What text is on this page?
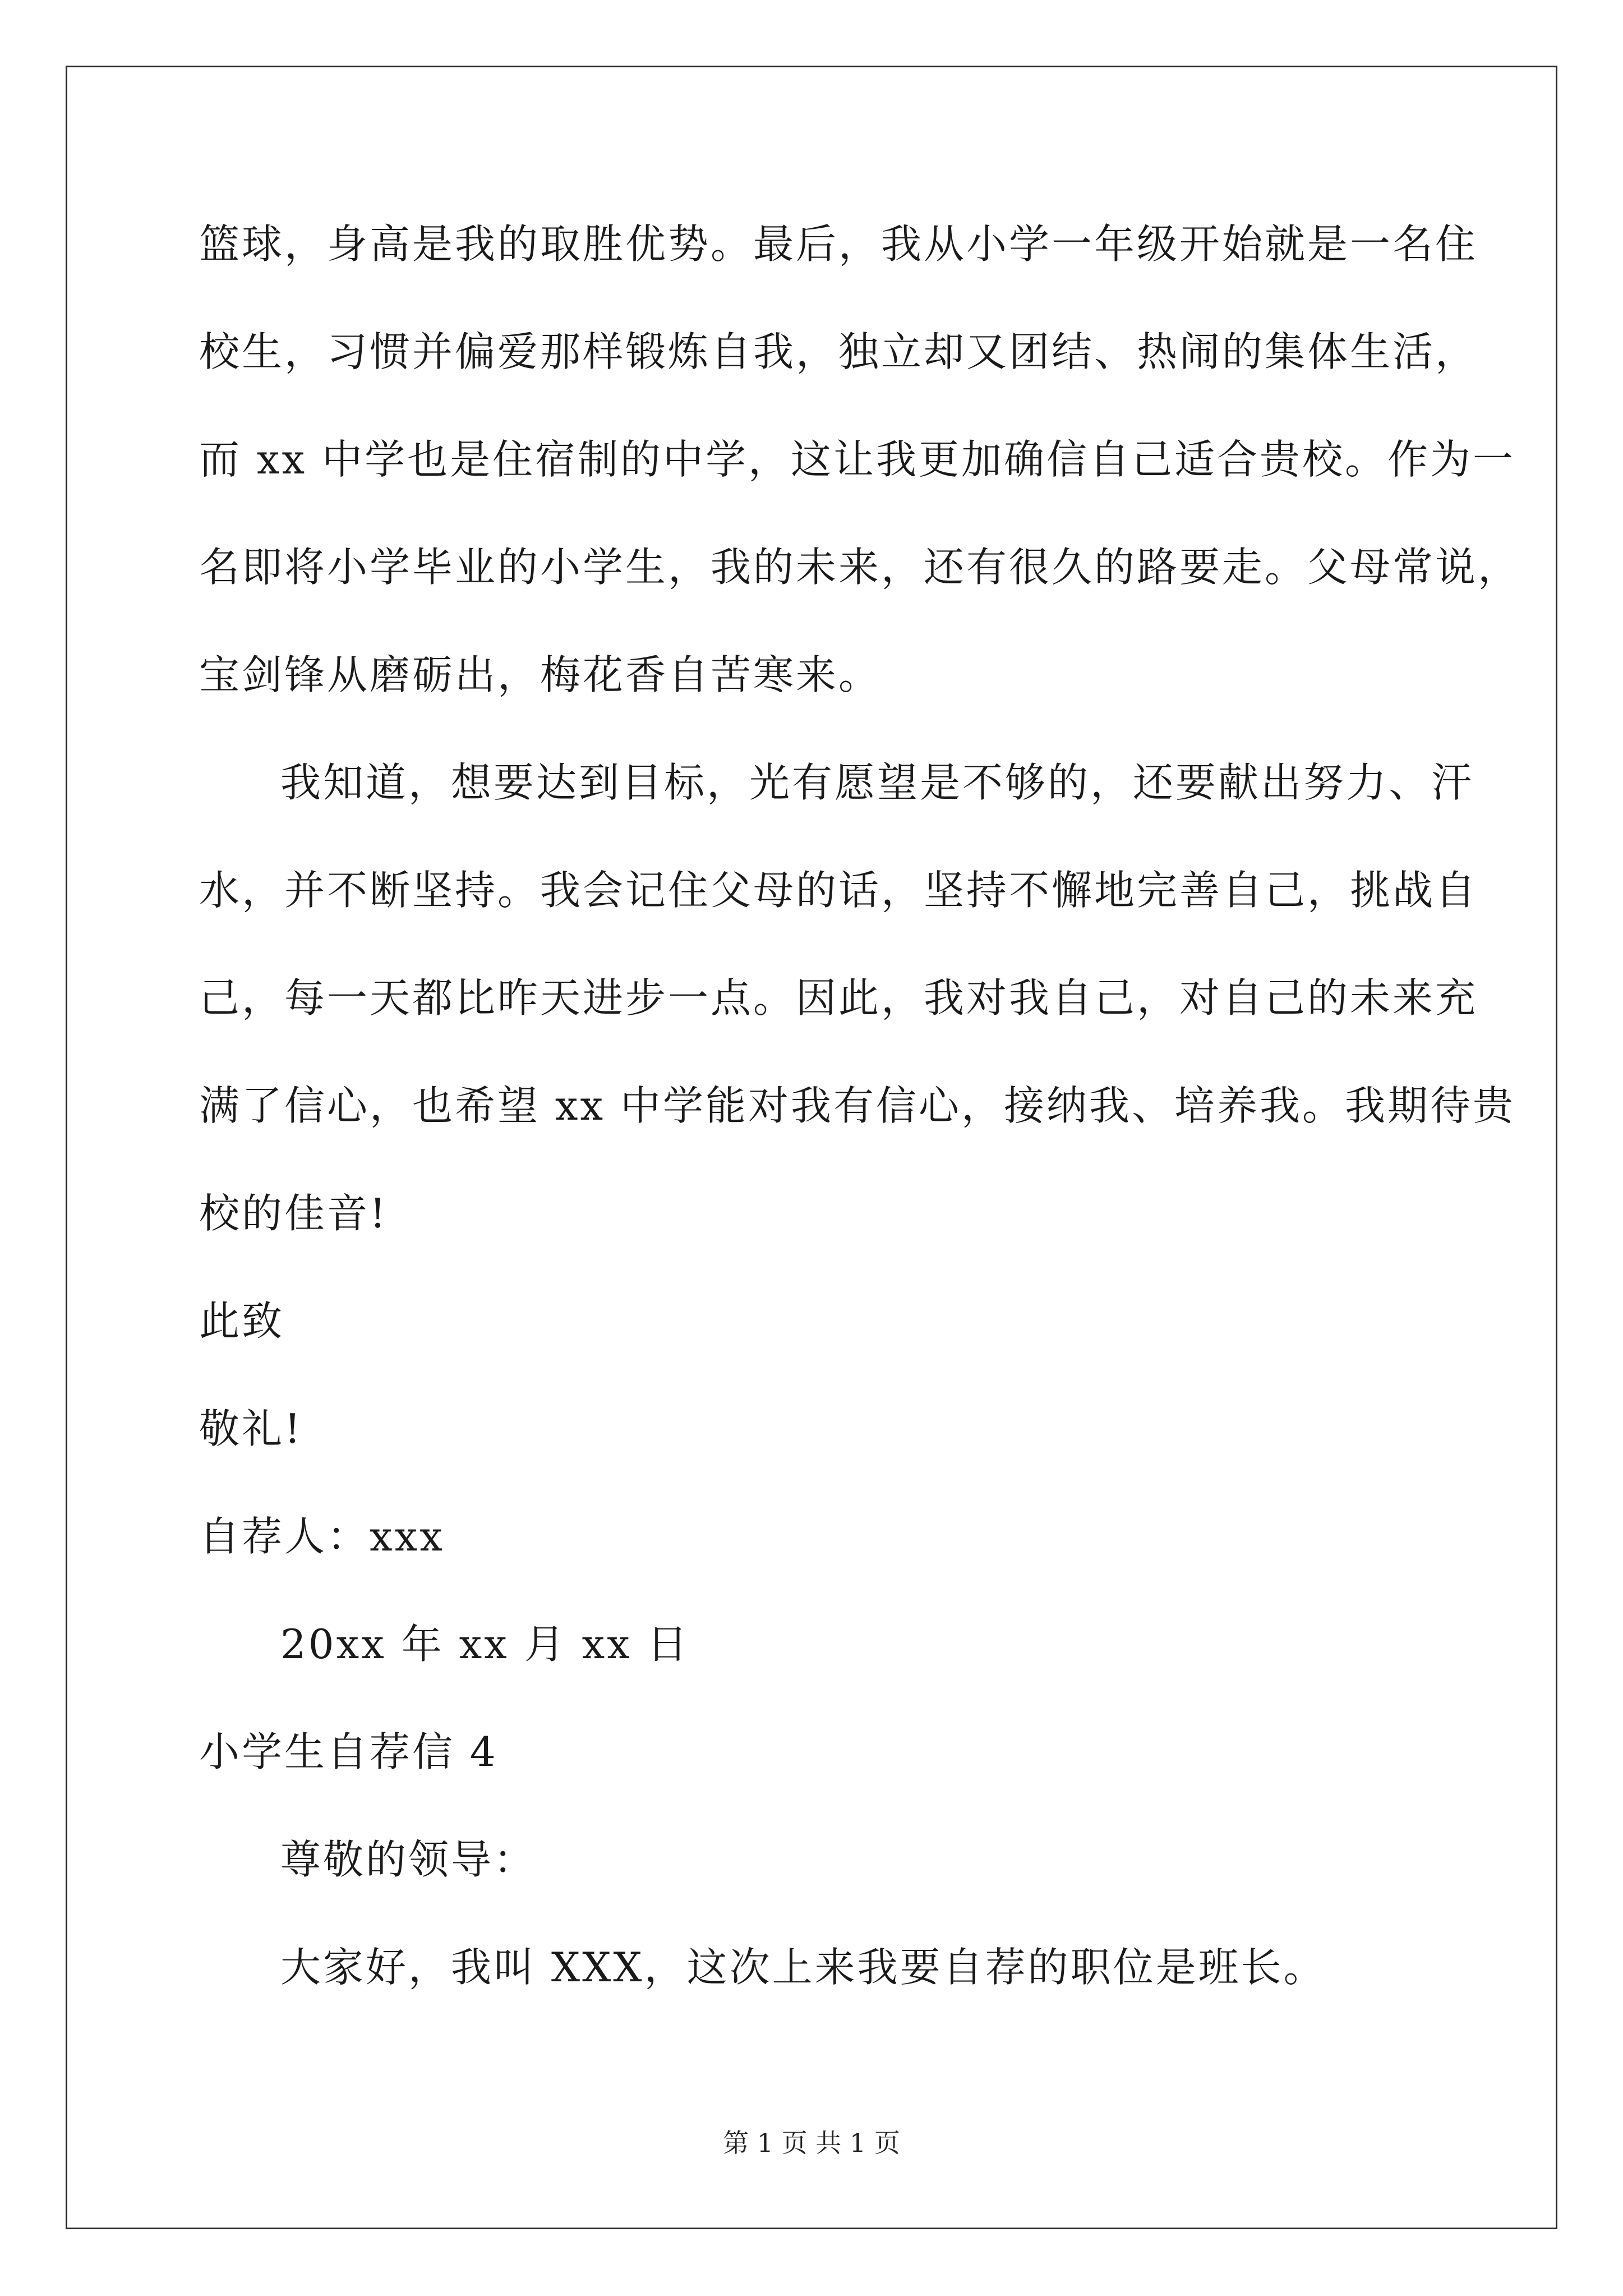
篮球，身高是我的取胜优势。最后，我从小学一年级开始就是一名住
校生，习惯并偏爱那样锻炼自我，独立却又团结、热闹的集体生活，
而 xx 中学也是住宿制的中学，这让我更加确信自己适合贵校。作为一
名即将小学毕业的小学生，我的未来，还有很久的路要走。父母常说，
宝剑锋从磨砺出，梅花香自苦寒来。
我知道，想要达到目标，光有愿望是不够的，还要献出努力、汗
水，并不断坚持。我会记住父母的话，坚持不懈地完善自己，挑战自
己，每一天都比昨天进步一点。因此，我对我自己，对自己的未来充
满了信心，也希望 xx 中学能对我有信心，接纳我、培养我。我期待贵
校的佳音!
此致
敬礼!
自荐人：xxx
20xx 年 xx 月 xx 日
小学生自荐信 4
尊敬的领导：
大家好，我叫 XXX，这次上来我要自荐的职位是班长。
第 1 页 共 1 页
